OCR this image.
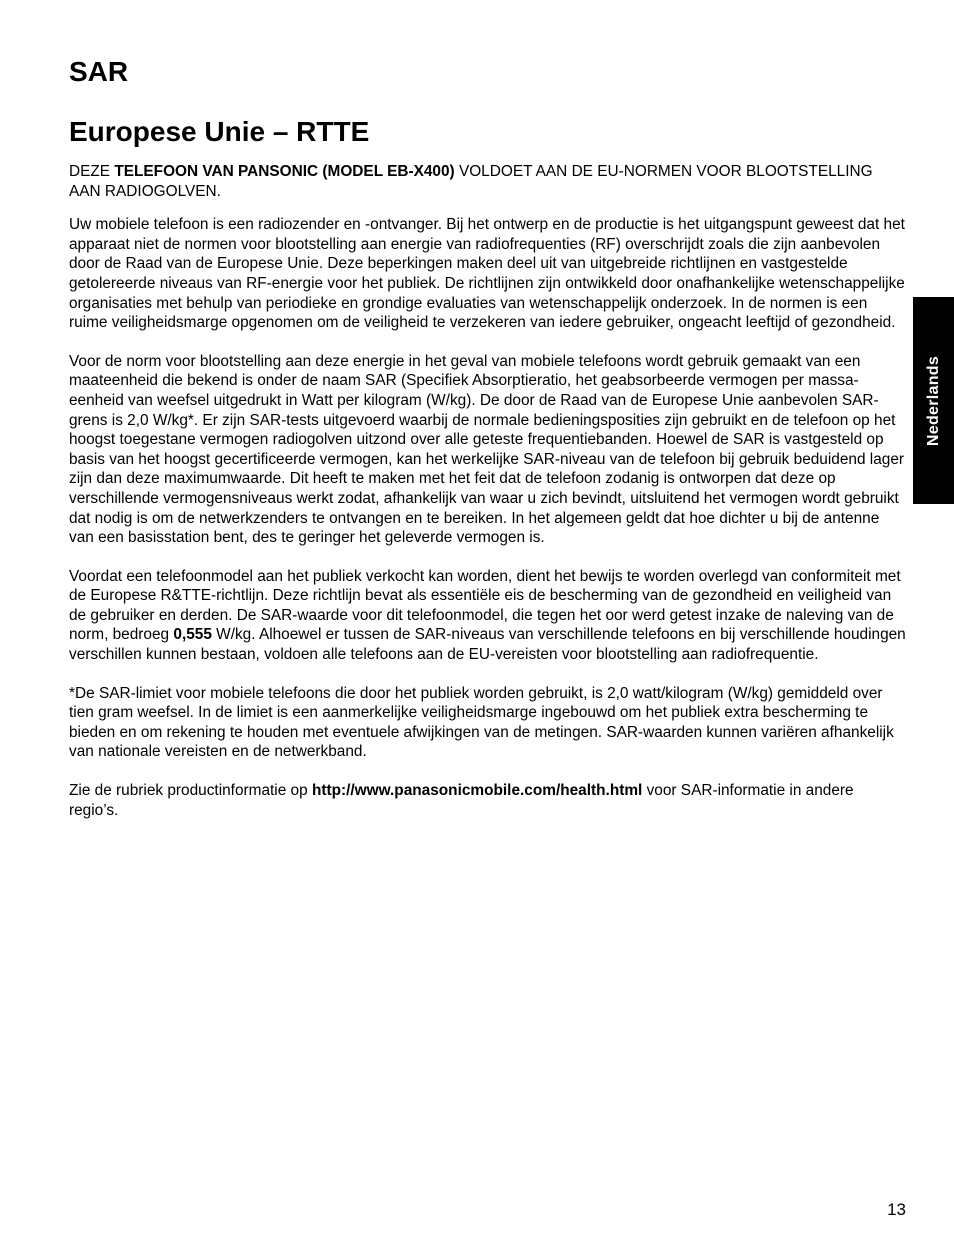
SAR
Europese Unie – RTTE

DEZE TELEFOON VAN PANSONIC (MODEL EB-X400) VOLDOET AAN DE EU-NORMEN VOOR BLOOTSTELLING AAN RADIOGOLVEN.

Uw mobiele telefoon is een radiozender en -ontvanger. Bij het ontwerp en de productie is het uitgangspunt geweest dat het apparaat niet de normen voor blootstelling aan energie van radiofrequenties (RF) overschrijdt zoals die zijn aanbevolen door de Raad van de Europese Unie. Deze beperkingen maken deel uit van uitgebreide richtlijnen en vastgestelde getolereerde niveaus van RF-energie voor het publiek. De richtlijnen zijn ontwikkeld door onafhankelijke wetenschappelijke organisaties met behulp van periodieke en grondige evaluaties van wetenschappelijk onderzoek. In de normen is een ruime veiligheidsmarge opgenomen om de veiligheid te verzekeren van iedere gebruiker, ongeacht leeftijd of gezondheid.

Voor de norm voor blootstelling aan deze energie in het geval van mobiele telefoons wordt gebruik gemaakt van een maateenheid die bekend is onder de naam SAR (Specifiek Absorptieratio, het geabsorbeerde vermogen per massa-eenheid van weefsel uitgedrukt in Watt per kilogram (W/kg). De door de Raad van de Europese Unie aanbevolen SAR-grens is 2,0 W/kg*. Er zijn SAR-tests uitgevoerd waarbij de normale bedieningsposities zijn gebruikt en de telefoon op het hoogst toegestane vermogen radiogolven uitzond over alle geteste frequentiebanden. Hoewel de SAR is vastgesteld op basis van het hoogst gecertificeerde vermogen, kan het werkelijke SAR-niveau van de telefoon bij gebruik beduidend lager zijn dan deze maximumwaarde. Dit heeft te maken met het feit dat de telefoon zodanig is ontworpen dat deze op verschillende vermogensniveaus werkt zodat, afhankelijk van waar u zich bevindt, uitsluitend het vermogen wordt gebruikt dat nodig is om de netwerkzenders te ontvangen en te bereiken. In het algemeen geldt dat hoe dichter u bij de antenne van een basisstation bent, des te geringer het geleverde vermogen is.

Voordat een telefoonmodel aan het publiek verkocht kan worden, dient het bewijs te worden overlegd van conformiteit met de Europese R&TTE-richtlijn. Deze richtlijn bevat als essentiële eis de bescherming van de gezondheid en veiligheid van de gebruiker en derden. De SAR-waarde voor dit telefoonmodel, die tegen het oor werd getest inzake de naleving van de norm, bedroeg 0,555 W/kg. Alhoewel er tussen de SAR-niveaus van verschillende telefoons en bij verschillende houdingen verschillen kunnen bestaan, voldoen alle telefoons aan de EU-vereisten voor blootstelling aan radiofrequentie.

*De SAR-limiet voor mobiele telefoons die door het publiek worden gebruikt, is 2,0 watt/kilogram (W/kg) gemiddeld over tien gram weefsel. In de limiet is een aanmerkelijke veiligheidsmarge ingebouwd om het publiek extra bescherming te bieden en om rekening te houden met eventuele afwijkingen van de metingen. SAR-waarden kunnen variëren afhankelijk van nationale vereisten en de netwerkband.

Zie de rubriek productinformatie op http://www.panasonicmobile.com/health.html voor SAR-informatie in andere regio’s.

Nederlands
13
